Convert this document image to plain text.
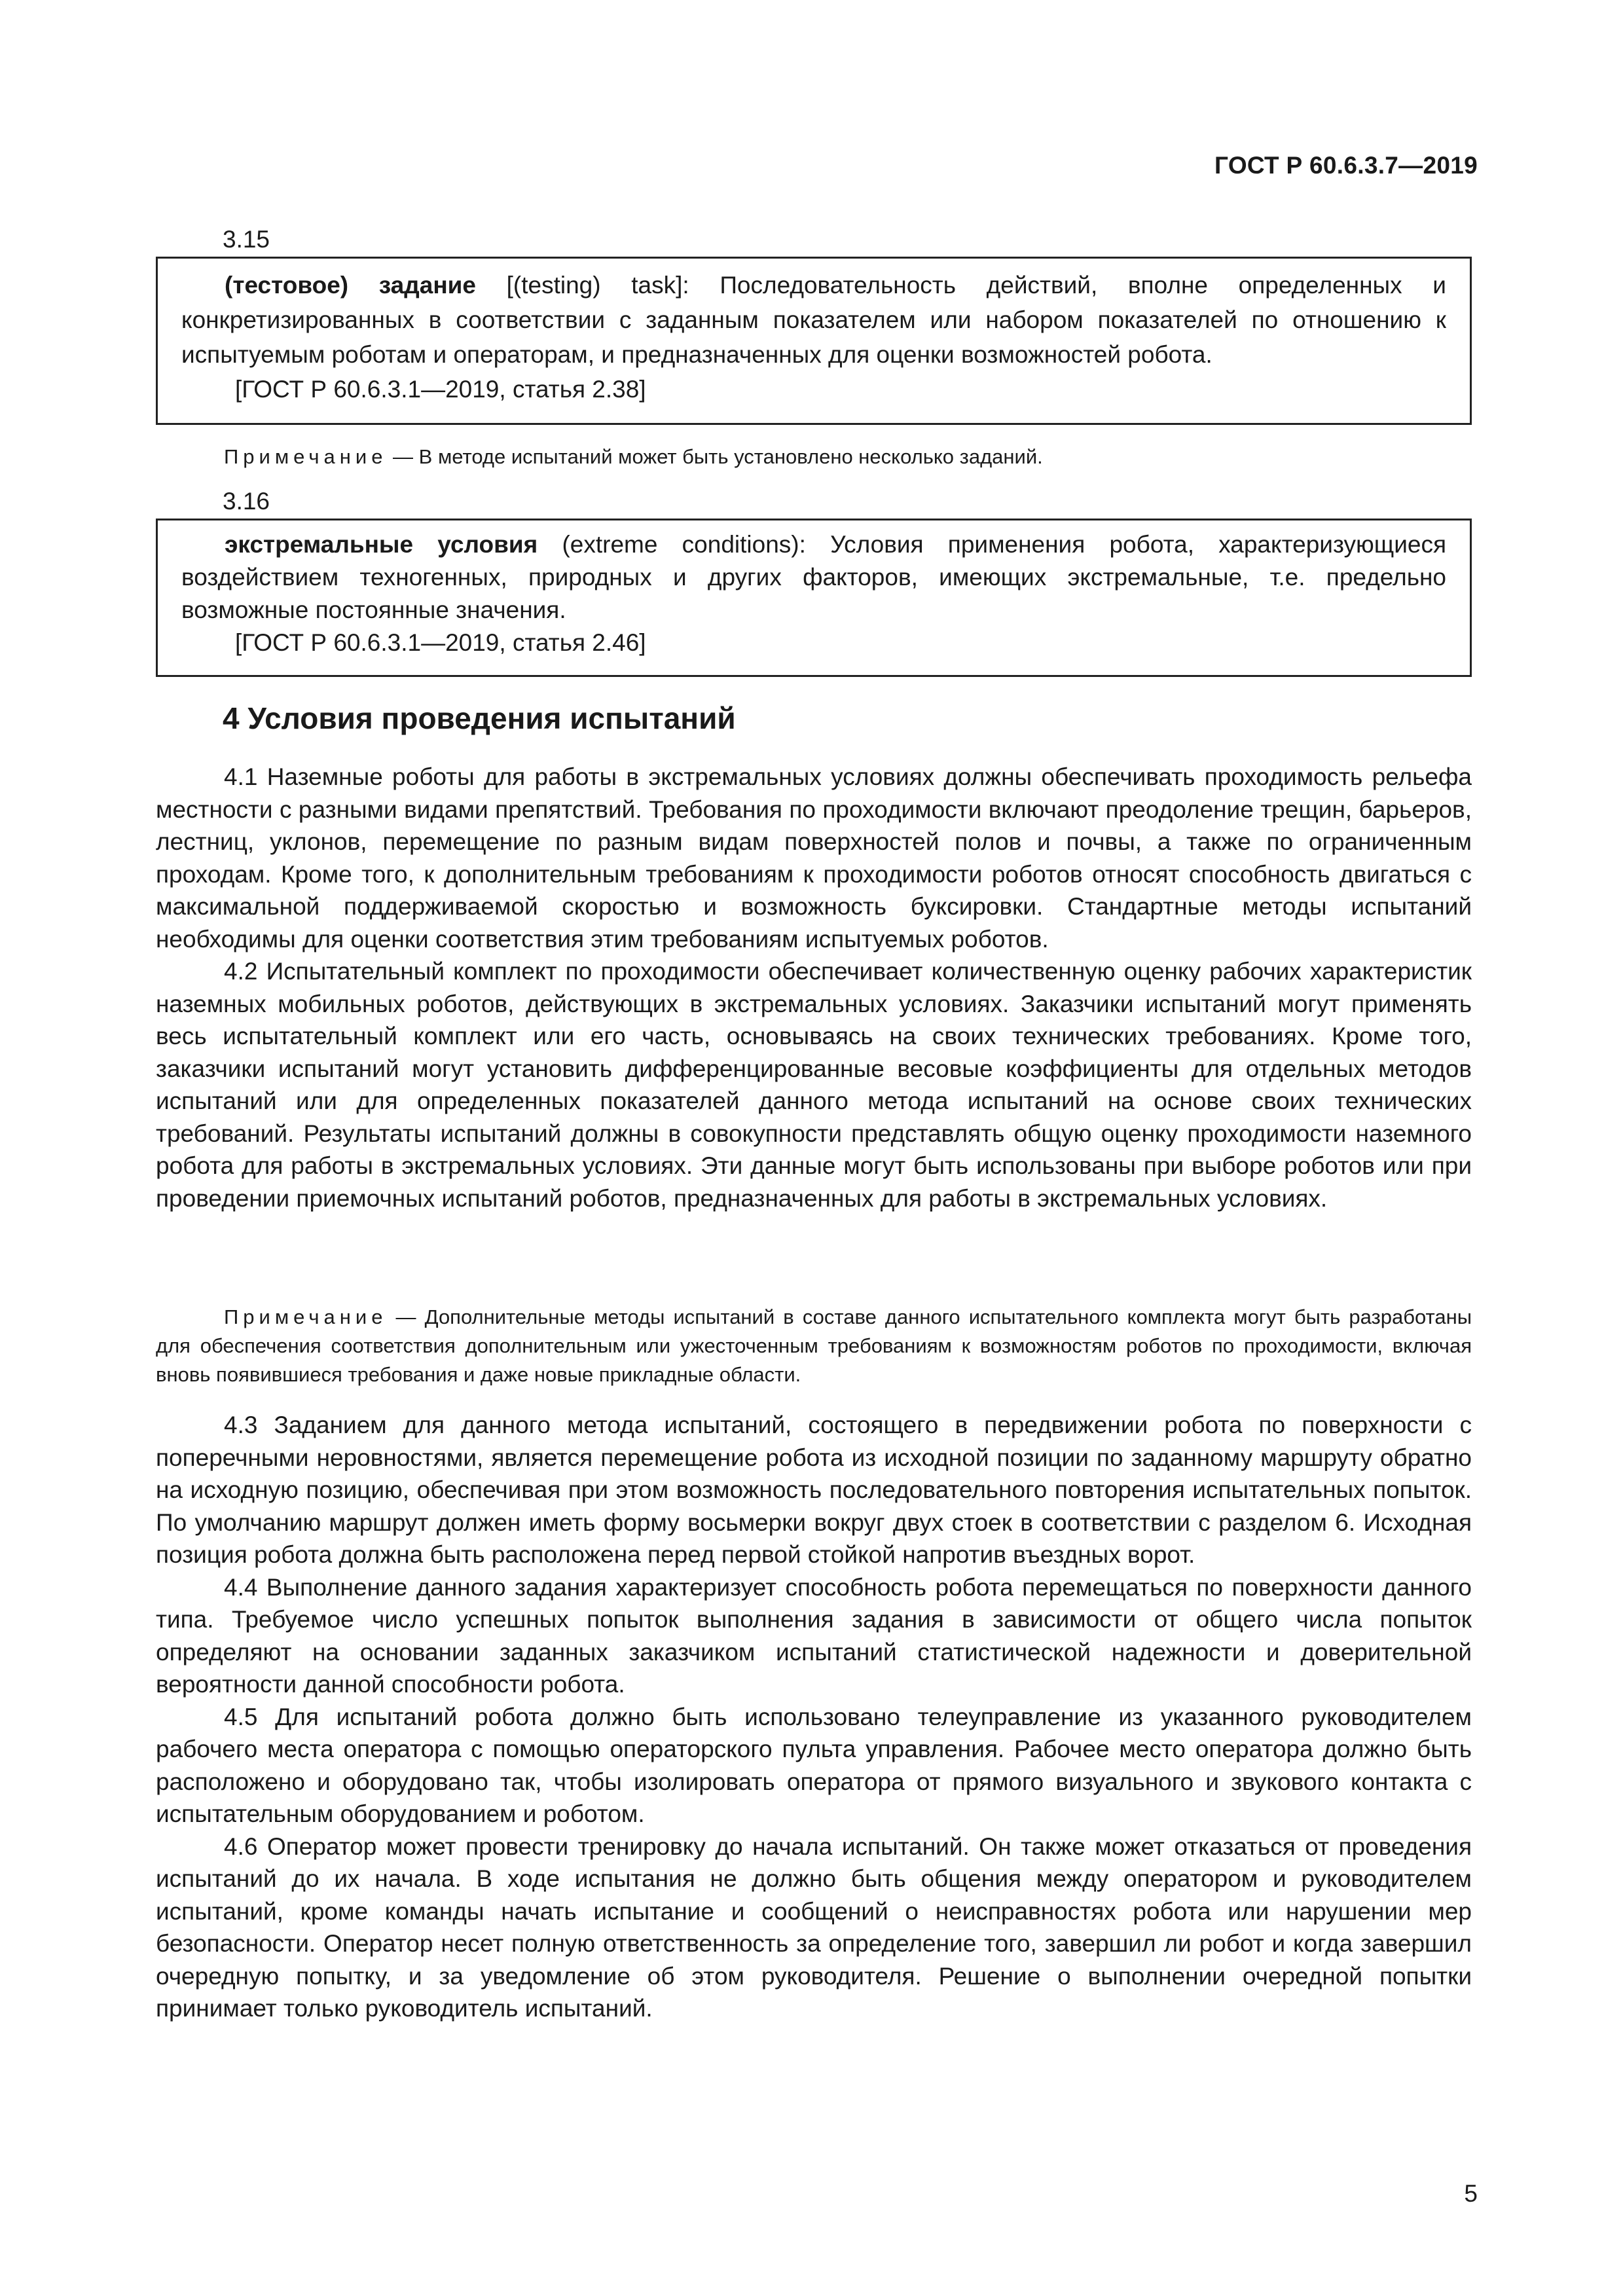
ГОСТ Р 60.6.3.7—2019
3.15

(тестовое) задание [(testing) task]: Последовательность действий, вполне определенных и конкретизированных в соответствии с заданным показателем или набором показателей по отношению к испытуемым роботам и операторам, и предназначенных для оценки возможностей робота.

[ГОСТ Р 60.6.3.1—2019, статья 2.38]

Примечание — В методе испытаний может быть установлено несколько заданий.

3.16

экстремальные условия (extreme conditions): Условия применения робота, характеризующиеся воздействием техногенных, природных и других факторов, имеющих экстремальные, т.е. предельно возможные постоянные значения.

[ГОСТ Р 60.6.3.1—2019, статья 2.46]

4 Условия проведения испытаний

4.1 Наземные роботы для работы в экстремальных условиях должны обеспечивать проходимость рельефа местности с разными видами препятствий. Требования по проходимости включают преодоление трещин, барьеров, лестниц, уклонов, перемещение по разным видам поверхностей полов и почвы, а также по ограниченным проходам. Кроме того, к дополнительным требованиям к проходимости роботов относят способность двигаться с максимальной поддерживаемой скоростью и возможность буксировки. Стандартные методы испытаний необходимы для оценки соответствия этим требованиям испытуемых роботов.

4.2 Испытательный комплект по проходимости обеспечивает количественную оценку рабочих характеристик наземных мобильных роботов, действующих в экстремальных условиях. Заказчики испытаний могут применять весь испытательный комплект или его часть, основываясь на своих технических требованиях. Кроме того, заказчики испытаний могут установить дифференцированные весовые коэффициенты для отдельных методов испытаний или для определенных показателей данного метода испытаний на основе своих технических требований. Результаты испытаний должны в совокупности представлять общую оценку проходимости наземного робота для работы в экстремальных условиях. Эти данные могут быть использованы при выборе роботов или при проведении приемочных испытаний роботов, предназначенных для работы в экстремальных условиях.

Примечание — Дополнительные методы испытаний в составе данного испытательного комплекта могут быть разработаны для обеспечения соответствия дополнительным или ужесточенным требованиям к возможностям роботов по проходимости, включая вновь появившиеся требования и даже новые прикладные области.

4.3 Заданием для данного метода испытаний, состоящего в передвижении робота по поверхности с поперечными неровностями, является перемещение робота из исходной позиции по заданному маршруту обратно на исходную позицию, обеспечивая при этом возможность последовательного повторения испытательных попыток. По умолчанию маршрут должен иметь форму восьмерки вокруг двух стоек в соответствии с разделом 6. Исходная позиция робота должна быть расположена перед первой стойкой напротив въездных ворот.

4.4 Выполнение данного задания характеризует способность робота перемещаться по поверхности данного типа. Требуемое число успешных попыток выполнения задания в зависимости от общего числа попыток определяют на основании заданных заказчиком испытаний статистической надежности и доверительной вероятности данной способности робота.

4.5 Для испытаний робота должно быть использовано телеуправление из указанного руководителем рабочего места оператора с помощью операторского пульта управления. Рабочее место оператора должно быть расположено и оборудовано так, чтобы изолировать оператора от прямого визуального и звукового контакта с испытательным оборудованием и роботом.

4.6 Оператор может провести тренировку до начала испытаний. Он также может отказаться от проведения испытаний до их начала. В ходе испытания не должно быть общения между оператором и руководителем испытаний, кроме команды начать испытание и сообщений о неисправностях робота или нарушении мер безопасности. Оператор несет полную ответственность за определение того, завершил ли робот и когда завершил очередную попытку, и за уведомление об этом руководителя. Решение о выполнении очередной попытки принимает только руководитель испытаний.

5
